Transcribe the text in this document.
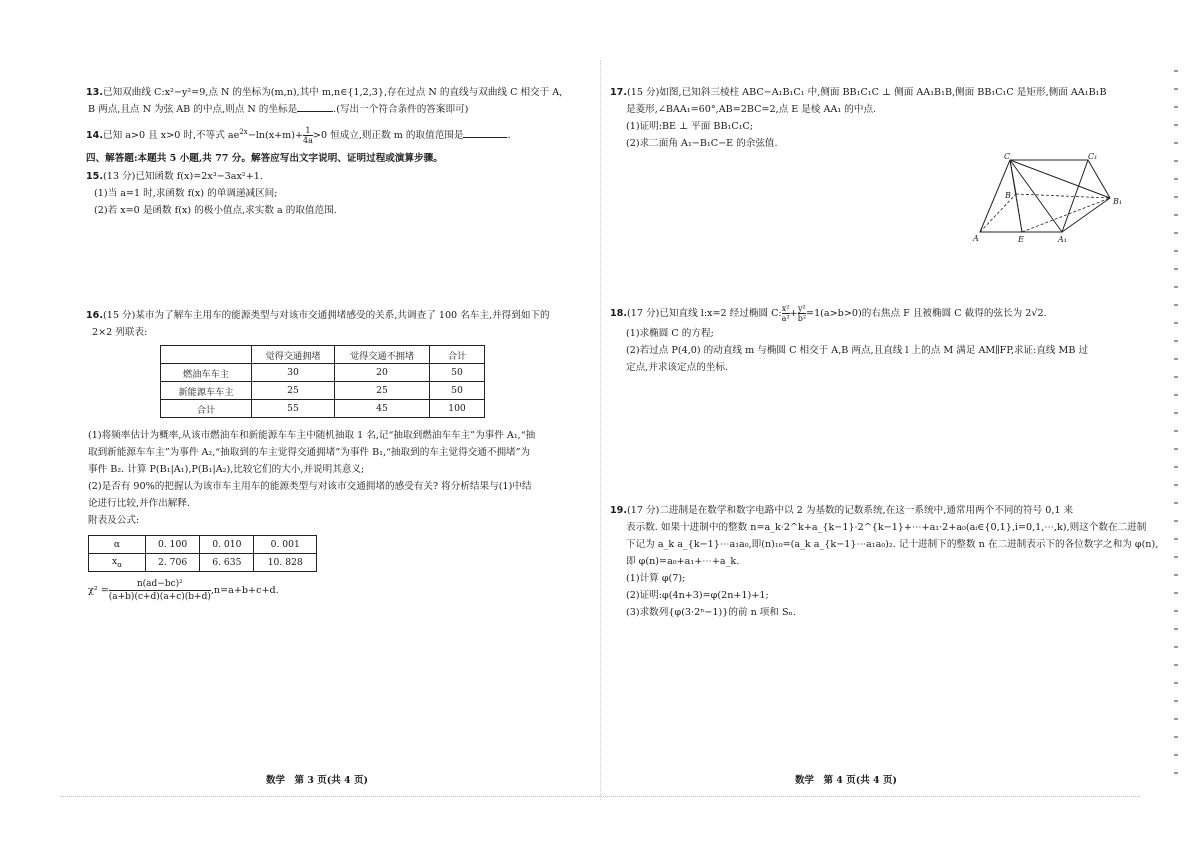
13.已知双曲线 C:x²−y²=9,点 N 的坐标为(m,n),其中 m,n∈{1,2,3},存在过点 N 的直线与双曲线 C 相交于 A,

B 两点,且点 N 为弦 AB 的中点,则点 N 的坐标是	.(写出一个符合条件的答案即可)

14.已知 a>0 且 x>0 时,不等式 $ae^{2x}-\ln(x+m)+ \frac{1}{4a} >0$ 恒成立,则正数 m 的取值范围是	.

四、解答题:本题共 5 小题,共 77 分。解答应写出文字说明、证明过程或演算步骤。

15.(13 分)已知函数 f(x)=2x³−3ax²+1.

(1)当 a=1 时,求函数 f(x) 的单调递减区间;

(2)若 x=0 是函数 f(x) 的极小值点,求实数 a 的取值范围.

16.(15 分)某市为了解车主用车的能源类型与对该市交通拥堵感受的关系,共调查了 100 名车主,并得到如下的

2×2 列联表:

	觉得交通拥堵	觉得交通不拥堵	合计
燃油车车主	30	20	50
新能源车车主	25	25	50
合计	55	45	100

(1)将频率估计为概率,从该市燃油车和新能源车车主中随机抽取 1 名,记“抽取到燃油车车主”为事件 A₁,“抽

取到新能源车车主”为事件 A₂,“抽取到的车主觉得交通拥堵”为事件 B₁,“抽取到的车主觉得交通不拥堵”为

事件 B₂. 计算 P(B₁|A₁),P(B₁|A₂),比较它们的大小,并说明其意义;

(2)是否有 90%的把握认为该市车主用车的能源类型与对该市交通拥堵的感受有关? 将分析结果与(1)中结

论进行比较,并作出解释.

附表及公式:

α	0. 100	0. 010	0. 001
$x_\alpha$	2. 706	6. 635	10. 828

$\chi^2 = \frac{\text{n(ad−bc)²}}{(a+b)(c+d)(a+c)(b+d)} ,n=a+b+c+d$.

数学　第 3 页(共 4 页)

17.(15 分)如图,已知斜三棱柱 ABC−A₁B₁C₁ 中,侧面 BB₁C₁C ⊥ 侧面 AA₁B₁B,侧面 BB₁C₁C 是矩形,侧面 AA₁B₁B

是菱形,∠BAA₁=60°,AB=2BC=2,点 E 是棱 AA₁ 的中点.

(1)证明:BE ⊥ 平面 BB₁C₁C;

(2)求二面角 A₁−B₁C−E 的余弦值.

C	C₁
B
B₁
A	E	A₁

18.(17 分)已知直线 l:x=2 经过椭圆 C: $\frac{\text{x²}}{\text{a²}} + \frac{\text{y²}}{\text{b²}} =1(a>b>0)$的右焦点 F 且被椭圆 C 截得的弦长为 2√2.

(1)求椭圆 C 的方程;

(2)若过点 P(4,0) 的动直线 m 与椭圆 C 相交于 A,B 两点,且直线 l 上的点 M 满足 AM∥FP,求证:直线 MB 过

定点,并求该定点的坐标.

19.(17 分)二进制是在数学和数字电路中以 2 为基数的记数系统,在这一系统中,通常用两个不同的符号 0,1 来

表示数. 如果十进制中的整数 n=a_k·2^k+a_{k−1}·2^{k−1}+⋯+a₁·2+a₀(aᵢ∈{0,1},i=0,1,⋯,k),则这个数在二进制

下记为 a_k a_{k−1}⋯a₁a₀,即(n)₁₀=(a_k a_{k−1}⋯a₁a₀)₂. 记十进制下的整数 n 在二进制表示下的各位数字之和为 φ(n),

即 φ(n)=a₀+a₁+⋯+a_k.

(1)计算 φ(7);

(2)证明:φ(4n+3)=φ(2n+1)+1;

(3)求数列{φ(3·2ⁿ−1)}的前 n 项和 Sₙ.

数学　第 4 页(共 4 页)
